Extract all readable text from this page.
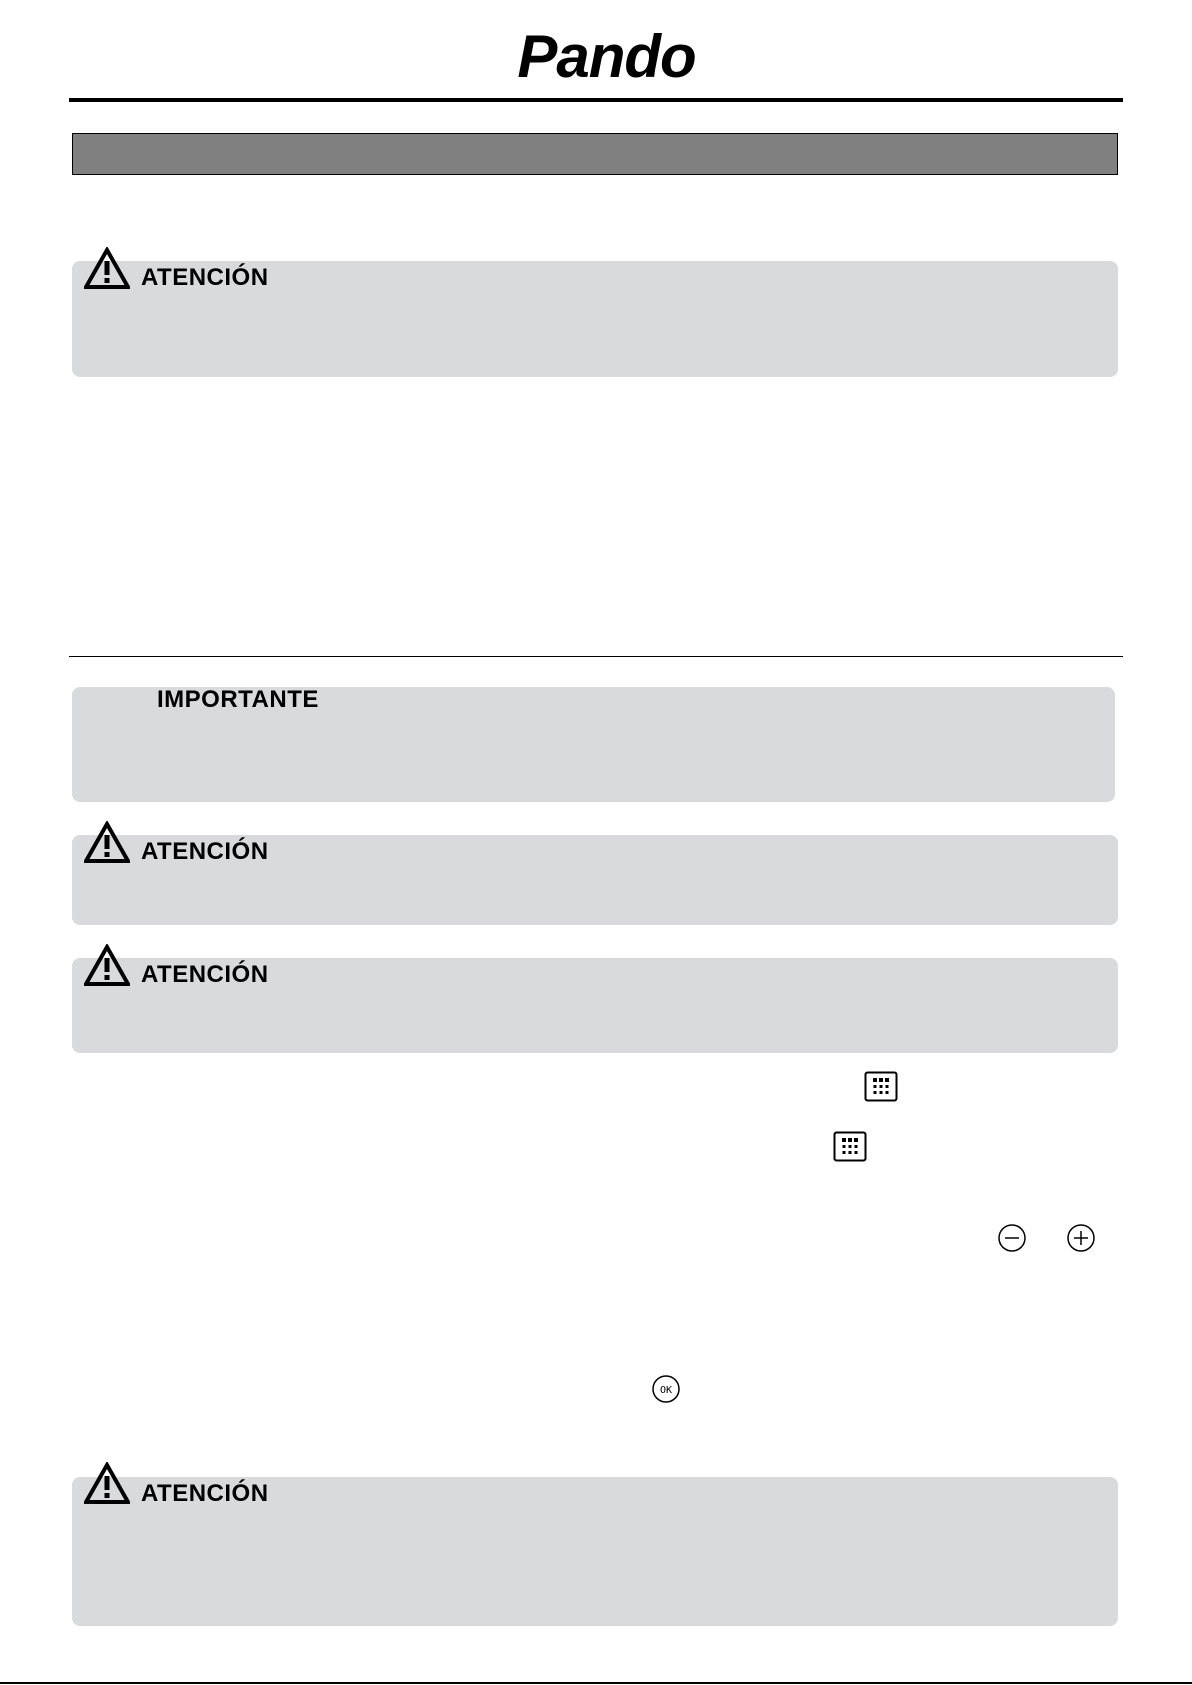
Pando
ATENCIÓN
IMPORTANTE
ATENCIÓN
ATENCIÓN
OK
ATENCIÓN
